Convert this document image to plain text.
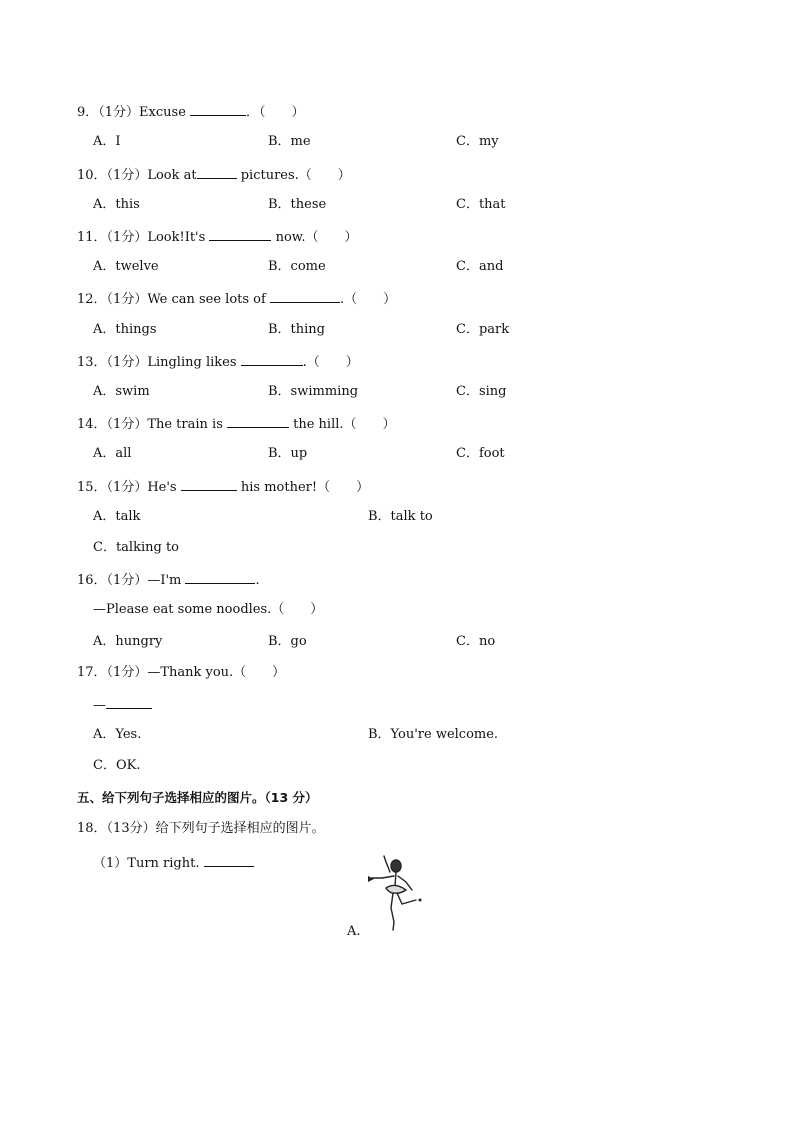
9．（1分）Excuse	．（　　）
A．I	B．me	C．my
10．（1分）Look at	pictures.（　　）
A．this	B．these	C．that
11．（1分）Look!It's	now.（　　）
A．twelve	B．come	C．and
12．（1分）We can see lots of	.（　　）
A．things	B．thing	C．park
13．（1分）Lingling likes	.（　　）
A．swim	B．swimming	C．sing
14．（1分）The train is	the hill.（　　）
A．all	B．up	C．foot
15．（1分）He's	his mother!（　　）
A．talk	B．talk to
C．talking to
16．（1分）—I'm	.
—Please eat some noodles.（　　）
A．hungry	B．go	C．no
17．（1分）—Thank you.（　　）
—
A．Yes.	B．You're welcome.
C．OK.
五、给下列句子选择相应的图片。（13 分）
18．（13分）给下列句子选择相应的图片。
（1）Turn right.
A.
